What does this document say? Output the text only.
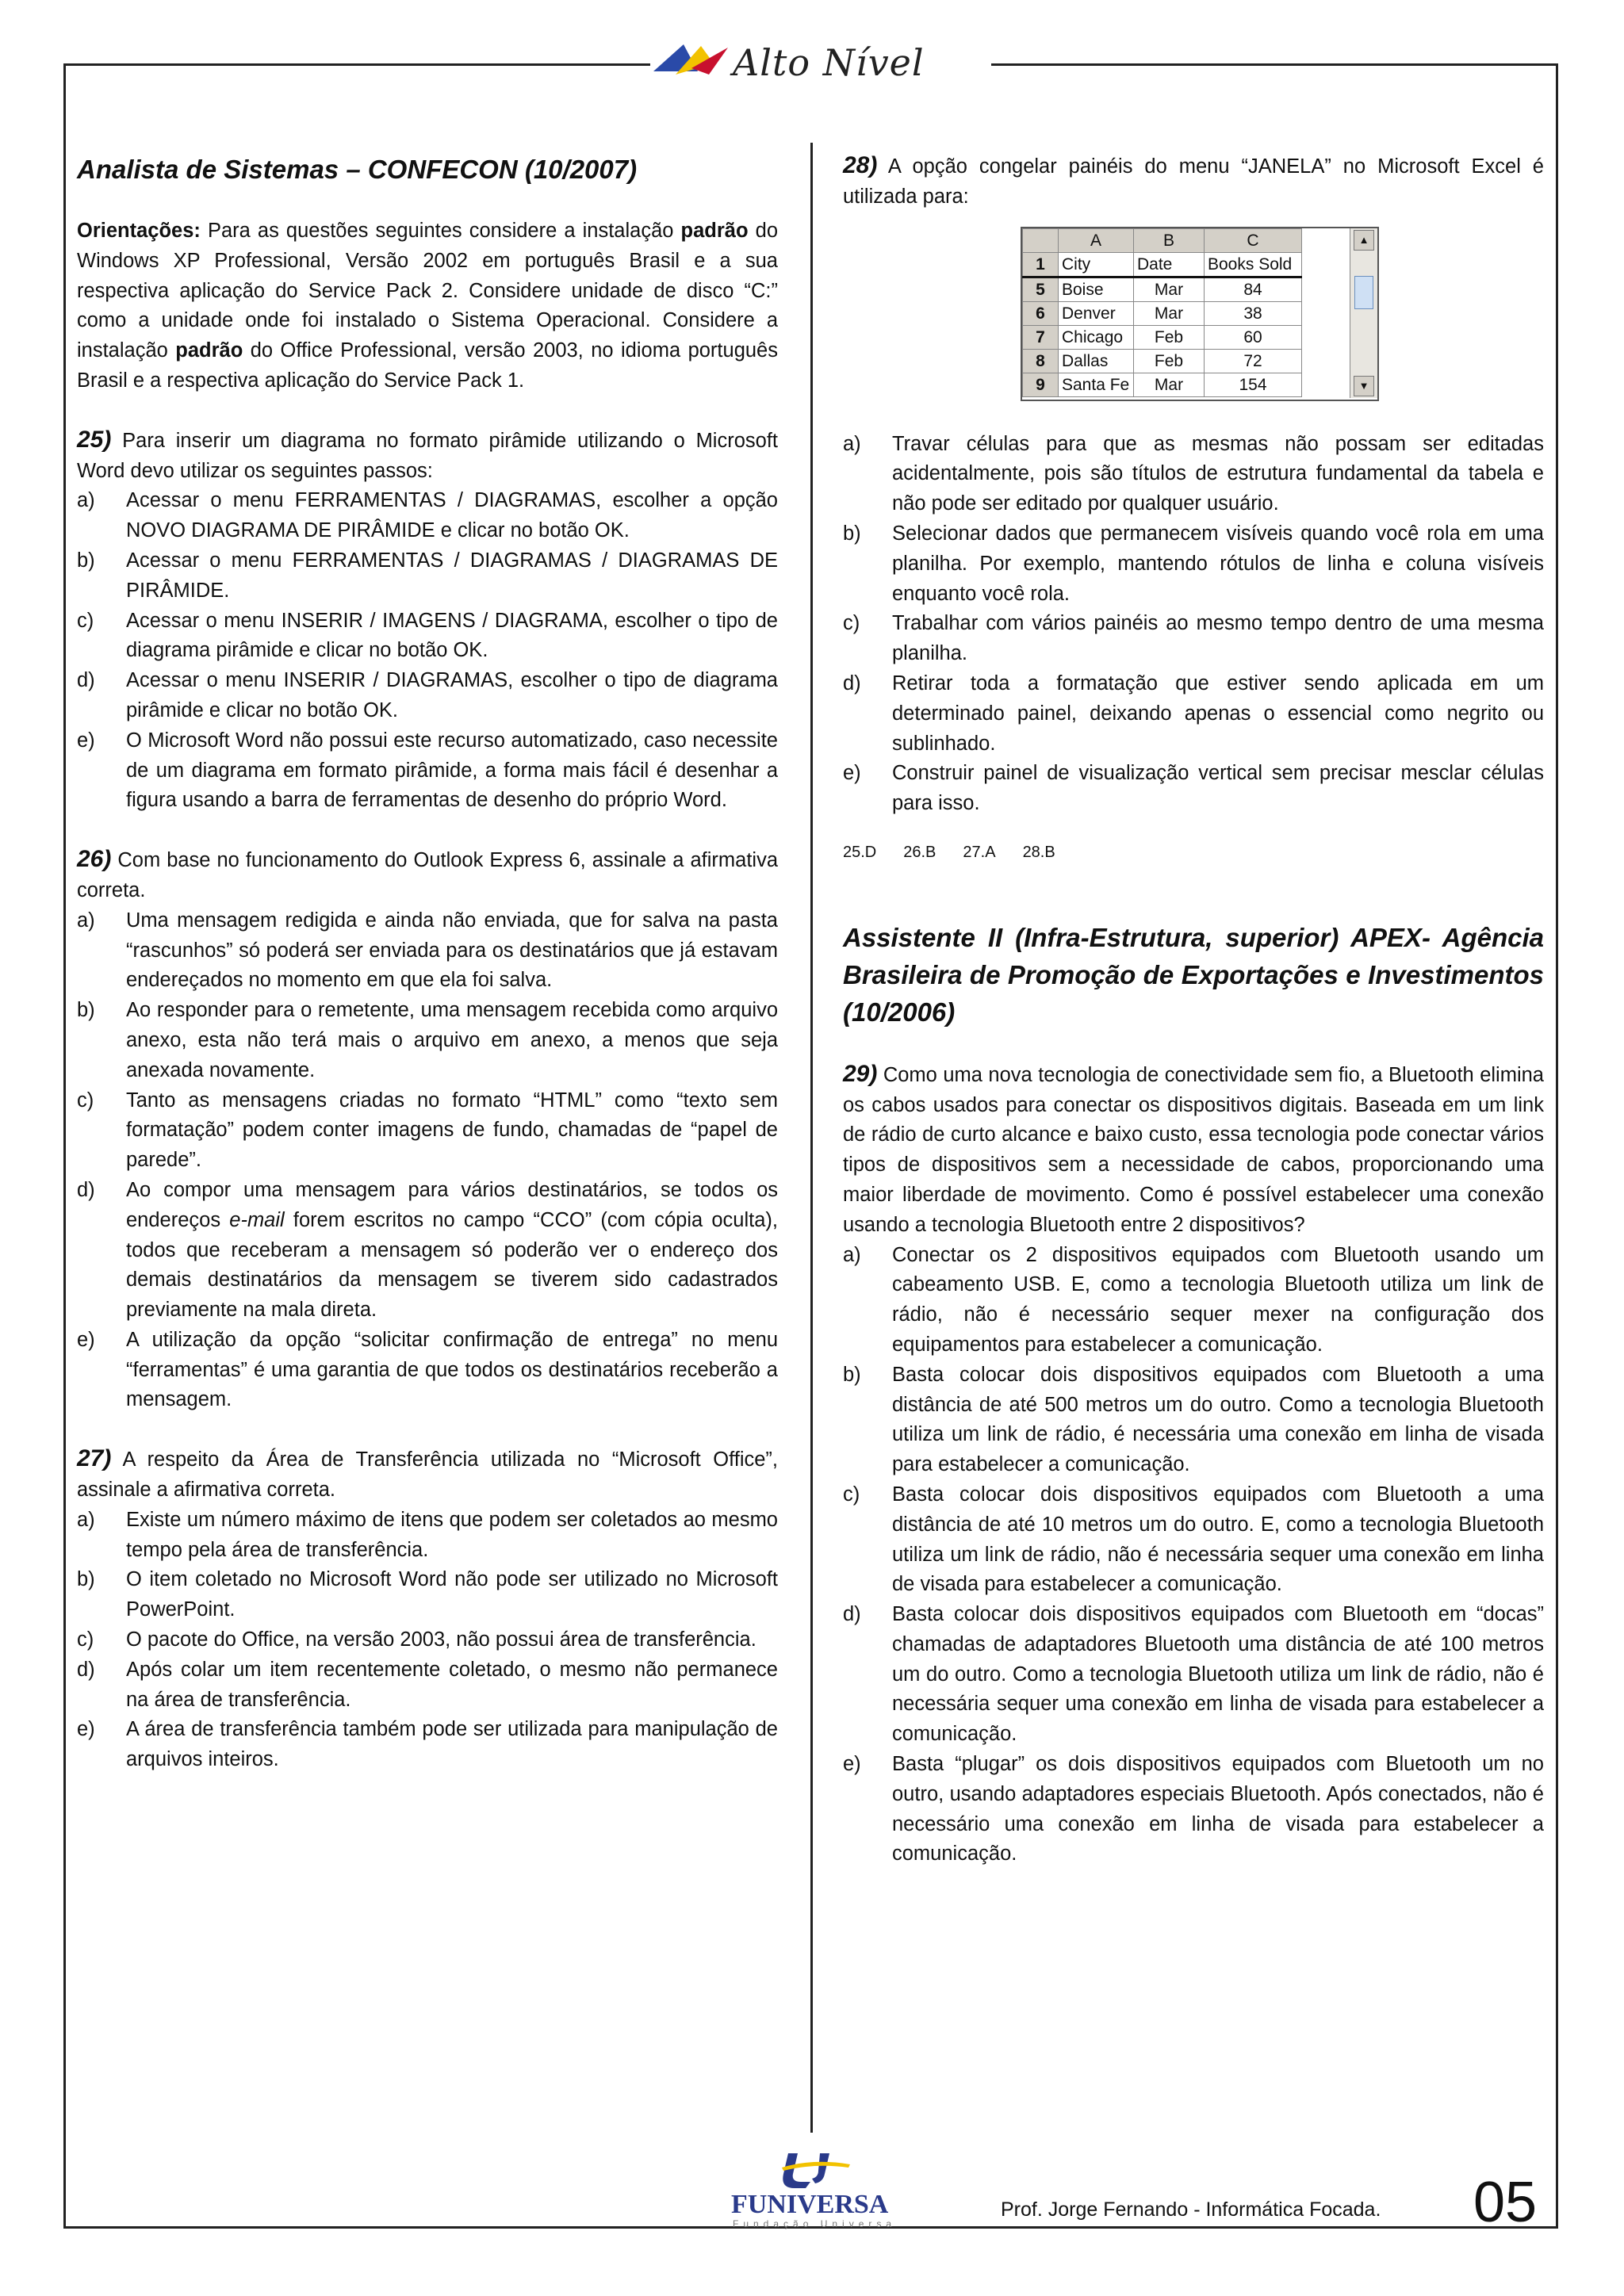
Alto Nível
Analista de Sistemas – CONFECON (10/2007)

Orientações: Para as questões seguintes considere a instalação padrão do Windows XP Professional, Versão 2002 em português Brasil e a sua respectiva aplicação do Service Pack 2. Considere unidade de disco “C:” como a unidade onde foi instalado o Sistema Operacional. Considere a instalação padrão do Office Professional, versão 2003, no idioma português Brasil e a respectiva aplicação do Service Pack 1.

25) Para inserir um diagrama no formato pirâmide utilizando o Microsoft Word devo utilizar os seguintes passos:

a) Acessar o menu FERRAMENTAS / DIAGRAMAS, escolher a opção NOVO DIAGRAMA DE PIRÂMIDE e clicar no botão OK.
b) Acessar o menu FERRAMENTAS / DIAGRAMAS / DIAGRAMAS DE PIRÂMIDE.
c) Acessar o menu INSERIR / IMAGENS / DIAGRAMA, escolher o tipo de diagrama pirâmide e clicar no botão OK.
d) Acessar o menu INSERIR / DIAGRAMAS, escolher o tipo de diagrama pirâmide e clicar no botão OK.
e) O Microsoft Word não possui este recurso automatizado, caso necessite de um diagrama em formato pirâmide, a forma mais fácil é desenhar a figura usando a barra de ferramentas de desenho do próprio Word.

26) Com base no funcionamento do Outlook Express 6, assinale a afirmativa correta.

a) Uma mensagem redigida e ainda não enviada, que for salva na pasta “rascunhos” só poderá ser enviada para os destinatários que já estavam endereçados no momento em que ela foi salva.
b) Ao responder para o remetente, uma mensagem recebida como arquivo anexo, esta não terá mais o arquivo em anexo, a menos que seja anexada novamente.
c) Tanto as mensagens criadas no formato “HTML” como “texto sem formatação” podem conter imagens de fundo, chamadas de “papel de parede”.
d) Ao compor uma mensagem para vários destinatários, se todos os endereços e-mail forem escritos no campo “CCO” (com cópia oculta), todos que receberam a mensagem só poderão ver o endereço dos demais destinatários da mensagem se tiverem sido cadastrados previamente na mala direta.
e) A utilização da opção “solicitar confirmação de entrega” no menu “ferramentas” é uma garantia de que todos os destinatários receberão a mensagem.

27) A respeito da Área de Transferência utilizada no “Microsoft Office”, assinale a afirmativa correta.

a) Existe um número máximo de itens que podem ser coletados ao mesmo tempo pela área de transferência.
b) O item coletado no Microsoft Word não pode ser utilizado no Microsoft PowerPoint.
c) O pacote do Office, na versão 2003, não possui área de transferência.
d) Após colar um item recentemente coletado, o mesmo não permanece na área de transferência.
e) A área de transferência também pode ser utilizada para manipulação de arquivos inteiros.

28) A opção congelar painéis do menu “JANELA” no Microsoft Excel é utilizada para:

	A	B	C
1	City	Date	Books Sold
5	Boise	Mar	84
6	Denver	Mar	38
7	Chicago	Feb	60
8	Dallas	Feb	72
9	Santa Fe	Mar	154
▲
▼
a) Travar células para que as mesmas não possam ser editadas acidentalmente, pois são títulos de estrutura fundamental da tabela e não pode ser editado por qualquer usuário.
b) Selecionar dados que permanecem visíveis quando você rola em uma planilha. Por exemplo, mantendo rótulos de linha e coluna visíveis enquanto você rola.
c) Trabalhar com vários painéis ao mesmo tempo dentro de uma mesma planilha.
d) Retirar toda a formatação que estiver sendo aplicada em um determinado painel, deixando apenas o essencial como negrito ou sublinhado.
e) Construir painel de visualização vertical sem precisar mesclar células para isso.

25.D 26.B 27.A 28.B

Assistente II (Infra-Estrutura, superior) APEX- Agência Brasileira de Promoção de Exportações e Investimentos (10/2006)

29) Como uma nova tecnologia de conectividade sem fio, a Bluetooth elimina os cabos usados para conectar os dispositivos digitais. Baseada em um link de rádio de curto alcance e baixo custo, essa tecnologia pode conectar vários tipos de dispositivos sem a necessidade de cabos, proporcionando uma maior liberdade de movimento. Como é possível estabelecer uma conexão usando a tecnologia Bluetooth entre 2 dispositivos?

a) Conectar os 2 dispositivos equipados com Bluetooth usando um cabeamento USB. E, como a tecnologia Bluetooth utiliza um link de rádio, não é necessário sequer mexer na configuração dos equipamentos para estabelecer a comunicação.
b) Basta colocar dois dispositivos equipados com Bluetooth a uma distância de até 500 metros um do outro. Como a tecnologia Bluetooth utiliza um link de rádio, é necessária uma conexão em linha de visada para estabelecer a comunicação.
c) Basta colocar dois dispositivos equipados com Bluetooth a uma distância de até 10 metros um do outro. E, como a tecnologia Bluetooth utiliza um link de rádio, não é necessária sequer uma conexão em linha de visada para estabelecer a comunicação.
d) Basta colocar dois dispositivos equipados com Bluetooth em “docas” chamadas de adaptadores Bluetooth uma distância de até 100 metros um do outro. Como a tecnologia Bluetooth utiliza um link de rádio, não é necessária sequer uma conexão em linha de visada para estabelecer a comunicação.
e) Basta “plugar” os dois dispositivos equipados com Bluetooth um no outro, usando adaptadores especiais Bluetooth. Após conectados, não é necessário uma conexão em linha de visada para estabelecer a comunicação.
FUNIVERSA
Fundação Universa
Prof. Jorge Fernando - Informática Focada. 05
